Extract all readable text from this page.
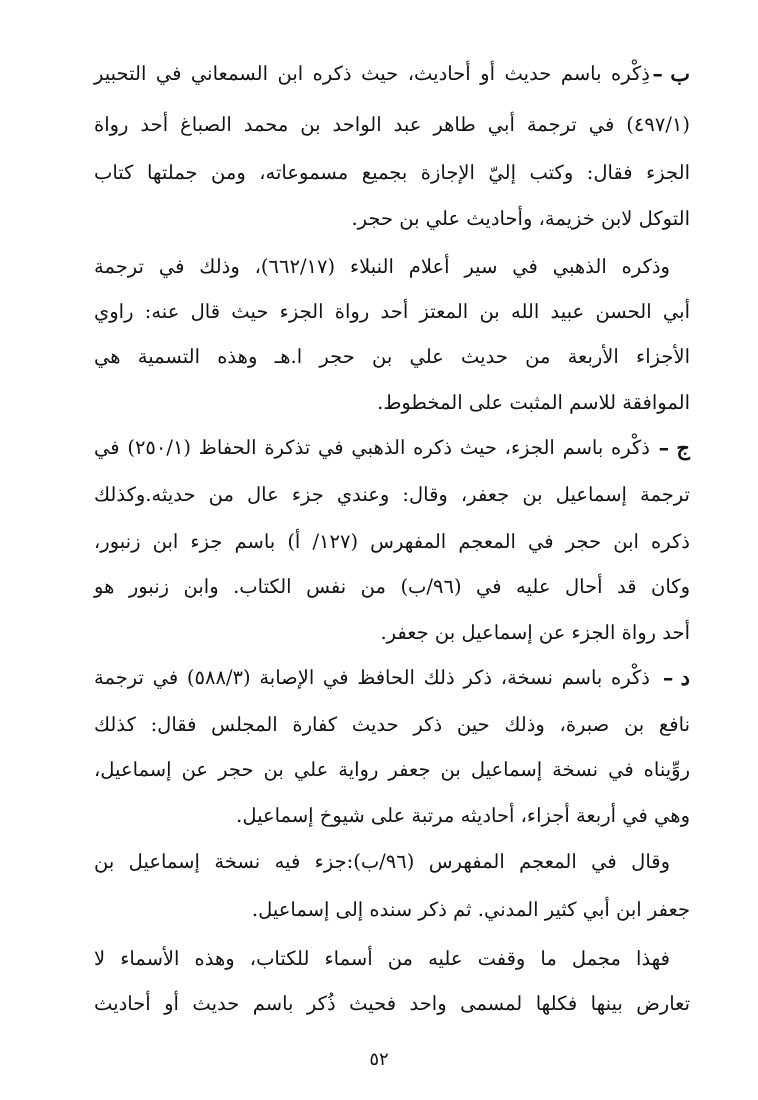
ب –
ذِكْره باسم حديث أو أحاديث، حيث ذكره ابن السمعاني في التحبير
(٤٩٧/١) في ترجمة أبي طاهر عبد الواحد بن محمد الصباغ أحد رواة
الجزء فقال: وكتب إليّ الإجازة بجميع مسموعاته، ومن جملتها كتاب
التوكل لابن خزيمة، وأحاديث علي بن حجر.
وذكره الذهبي في سير أعلام النبلاء (٦٦٢/١٧)، وذلك في ترجمة
أبي الحسن عبيد الله بن المعتز أحد رواة الجزء حيث قال عنه: راوي
الأجزاء الأربعة من حديث علي بن حجر ا.هـ وهذه التسمية هي
الموافقة للاسم المثبت على المخطوط.
ج –
ذكْره باسم الجزء، حيث ذكره الذهبي في تذكرة الحفاظ (٢٥٠/١) في
ترجمة إسماعيل بن جعفر، وقال: وعندي جزء عال من حديثه.وكذلك
ذكره ابن حجر في المعجم المفهرس (١٢٧/ أ) باسم جزء ابن زنبور،
وكان قد أحال عليه في (٩٦/ب) من نفس الكتاب. وابن زنبور هو
أحد رواة الجزء عن إسماعيل بن جعفر.
د –
ذكْره باسم نسخة، ذكر ذلك الحافظ في الإصابة (٥٨٨/٣) في ترجمة
نافع بن صبرة، وذلك حين ذكر حديث كفارة المجلس فقال: كذلك
روِّيناه في نسخة إسماعيل بن جعفر رواية علي بن حجر عن إسماعيل،
وهي في أربعة أجزاء، أحاديثه مرتبة على شيوخ إسماعيل.
وقال في المعجم المفهرس (٩٦/ب):جزء فيه نسخة إسماعيل بن
جعفر ابن أبي كثير المدني. ثم ذكر سنده إلى إسماعيل.
فهذا مجمل ما وقفت عليه من أسماء للكتاب، وهذه الأسماء لا
تعارض بينها فكلها لمسمى واحد فحيث ذُكر باسم حديث أو أحاديث
٥٢
